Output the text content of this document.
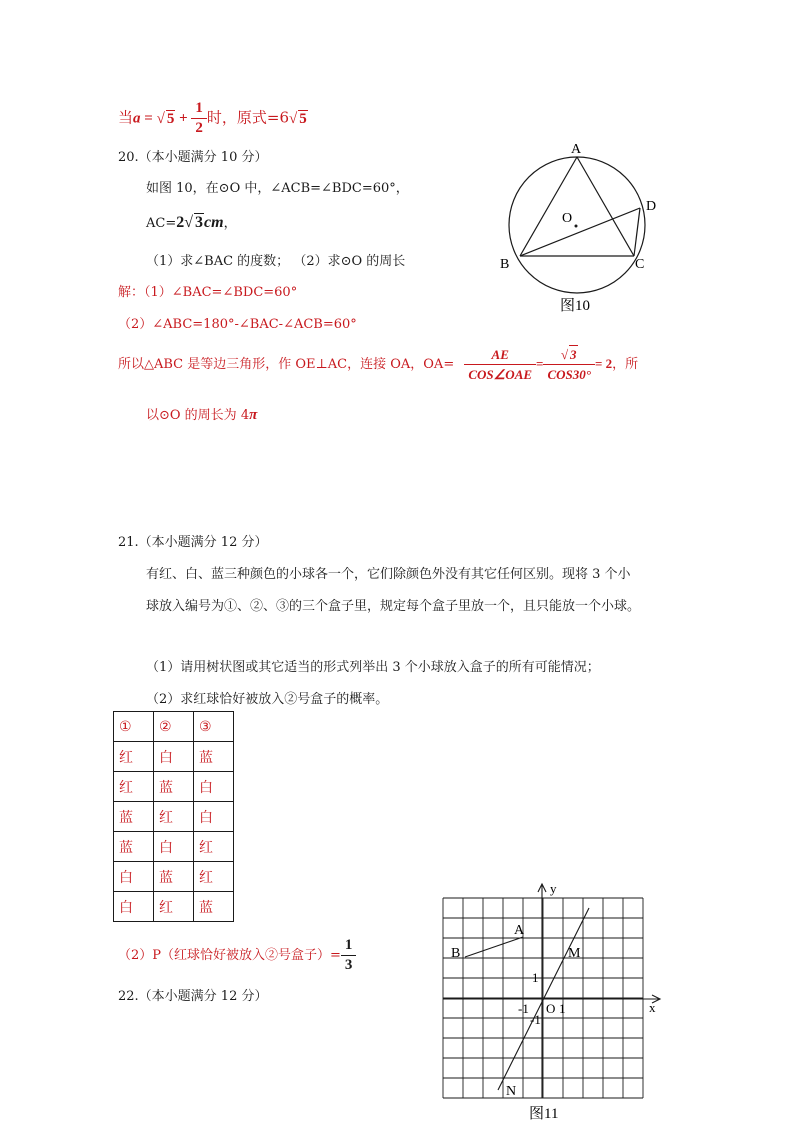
当a = √ $5 + \frac{1}{2}$ 时，原式=6√ 5
20.（本小题满分 10 分）
如图 10，在⊙O 中，∠ACB=∠BDC=60°，
AC=2√ 3cm，
（1）求∠BAC 的度数； （2）求⊙O 的周长
解：（1）∠BAC=∠BDC=60°
（2）∠ABC=180°-∠BAC-∠ACB=60°
所以△ABC 是等边三角形，作 OE⊥AC，连接 OA，$OA= \frac{AE}{\text{COS∠OAE}} = \frac{√ 3}{\text{COS30°}} = 2$，所
以⊙O 的周长为 4π
A
B	C
D
O
图10
21.（本小题满分 12 分）
有红、白、蓝三种颜色的小球各一个，它们除颜色外没有其它任何区别。现将 3 个小
球放入编号为①、②、③的三个盒子里，规定每个盒子里放一个，且只能放一个小球。
（1）请用树状图或其它适当的形式列举出 3 个小球放入盒子的所有可能情况；
（2）求红球恰好被放入②号盒子的概率。
①	②	③
红	白	蓝
红	蓝	白
蓝	红	白
蓝	白	红
白	蓝	红
白	红	蓝
（2）P（红球恰好被放入②号盒子）= $\frac{1}{3}$
22.（本小题满分 12 分）
y
x
A
B	M
N
O 1
-1
1
-1
图11
